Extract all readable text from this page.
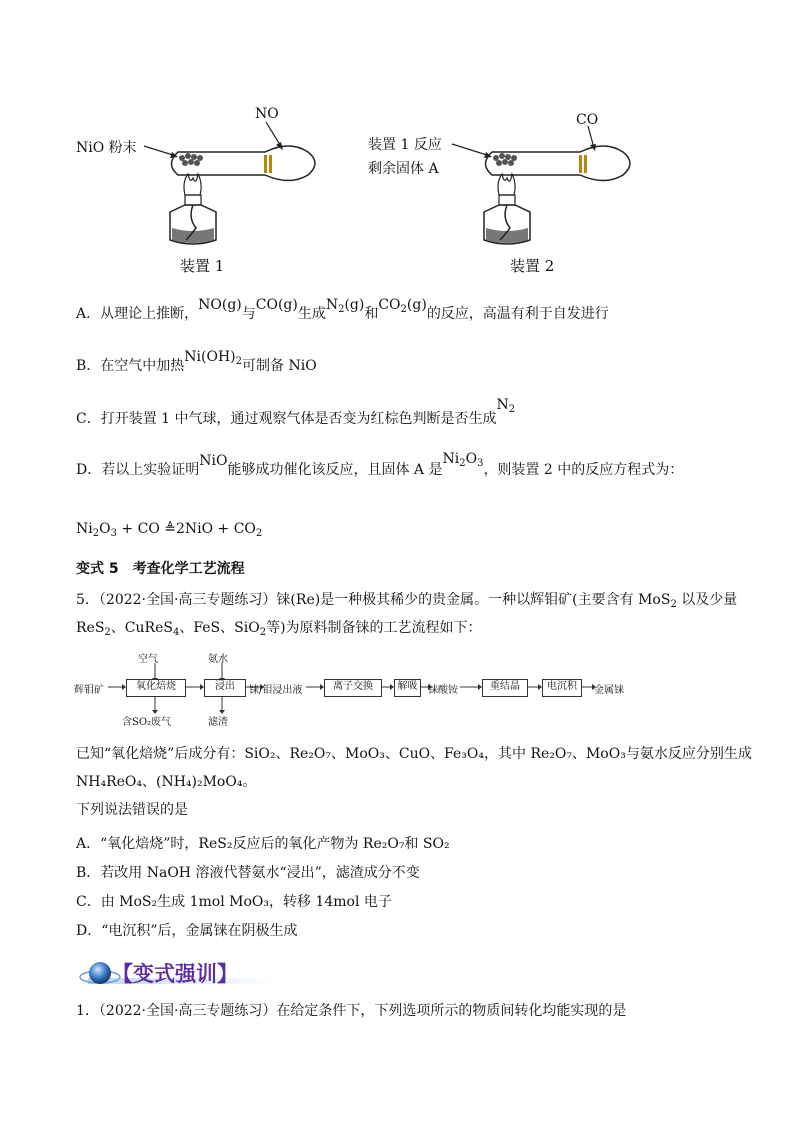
NiO 粉末
NO
装置 1
装置 1 反应
剩余固体 A
CO
装置 2
A．从理论上推断，NO(g)与CO(g)生成$N_2(g)$和$CO_2(g)$的反应，高温有利于自发进行
B．在空气中加热$Ni(OH)_2$可制备 NiO
C．打开装置 1 中气球，通过观察气体是否变为红棕色判断是否生成$N_2$
D．若以上实验证明NiO能够成功催化该反应，且固体 A 是$Ni_2O_3$，则装置 2 中的反应方程式为：
$Ni_2O_3$ + CO ≜2NiO + $CO_2$
变式 5　考查化学工艺流程
5．（2022·全国·高三专题练习）铼(Re)是一种极其稀少的贵金属。一种以辉钼矿(主要含有 MoS$_2$ 以及少量
ReS$_2$、CuReS$_4$、FeS、SiO$_2$等)为原料制备铼的工艺流程如下：
辉钼矿
空气
氧化焙烧
含SO₂废气
氨水
浸出
滤渣
铼/钼浸出液	离子交换	解吸	铼酸铵	重结晶	电沉积	金属铼
已知“氧化焙烧”后成分有：SiO₂、Re₂O₇、MoO₃、CuO、Fe₃O₄，其中 Re₂O₇、MoO₃与氨水反应分别生成
NH₄ReO₄、(NH₄)₂MoO₄。
下列说法错误的是
A．“氧化焙烧”时，ReS₂反应后的氧化产物为 Re₂O₇和 SO₂
B．若改用 NaOH 溶液代替氨水“浸出”，滤渣成分不变
C．由 MoS₂生成 1mol MoO₃，转移 14mol 电子
D．“电沉积”后，金属铼在阴极生成
【变式强训】
1．（2022·全国·高三专题练习）在给定条件下，下列选项所示的物质间转化均能实现的是
